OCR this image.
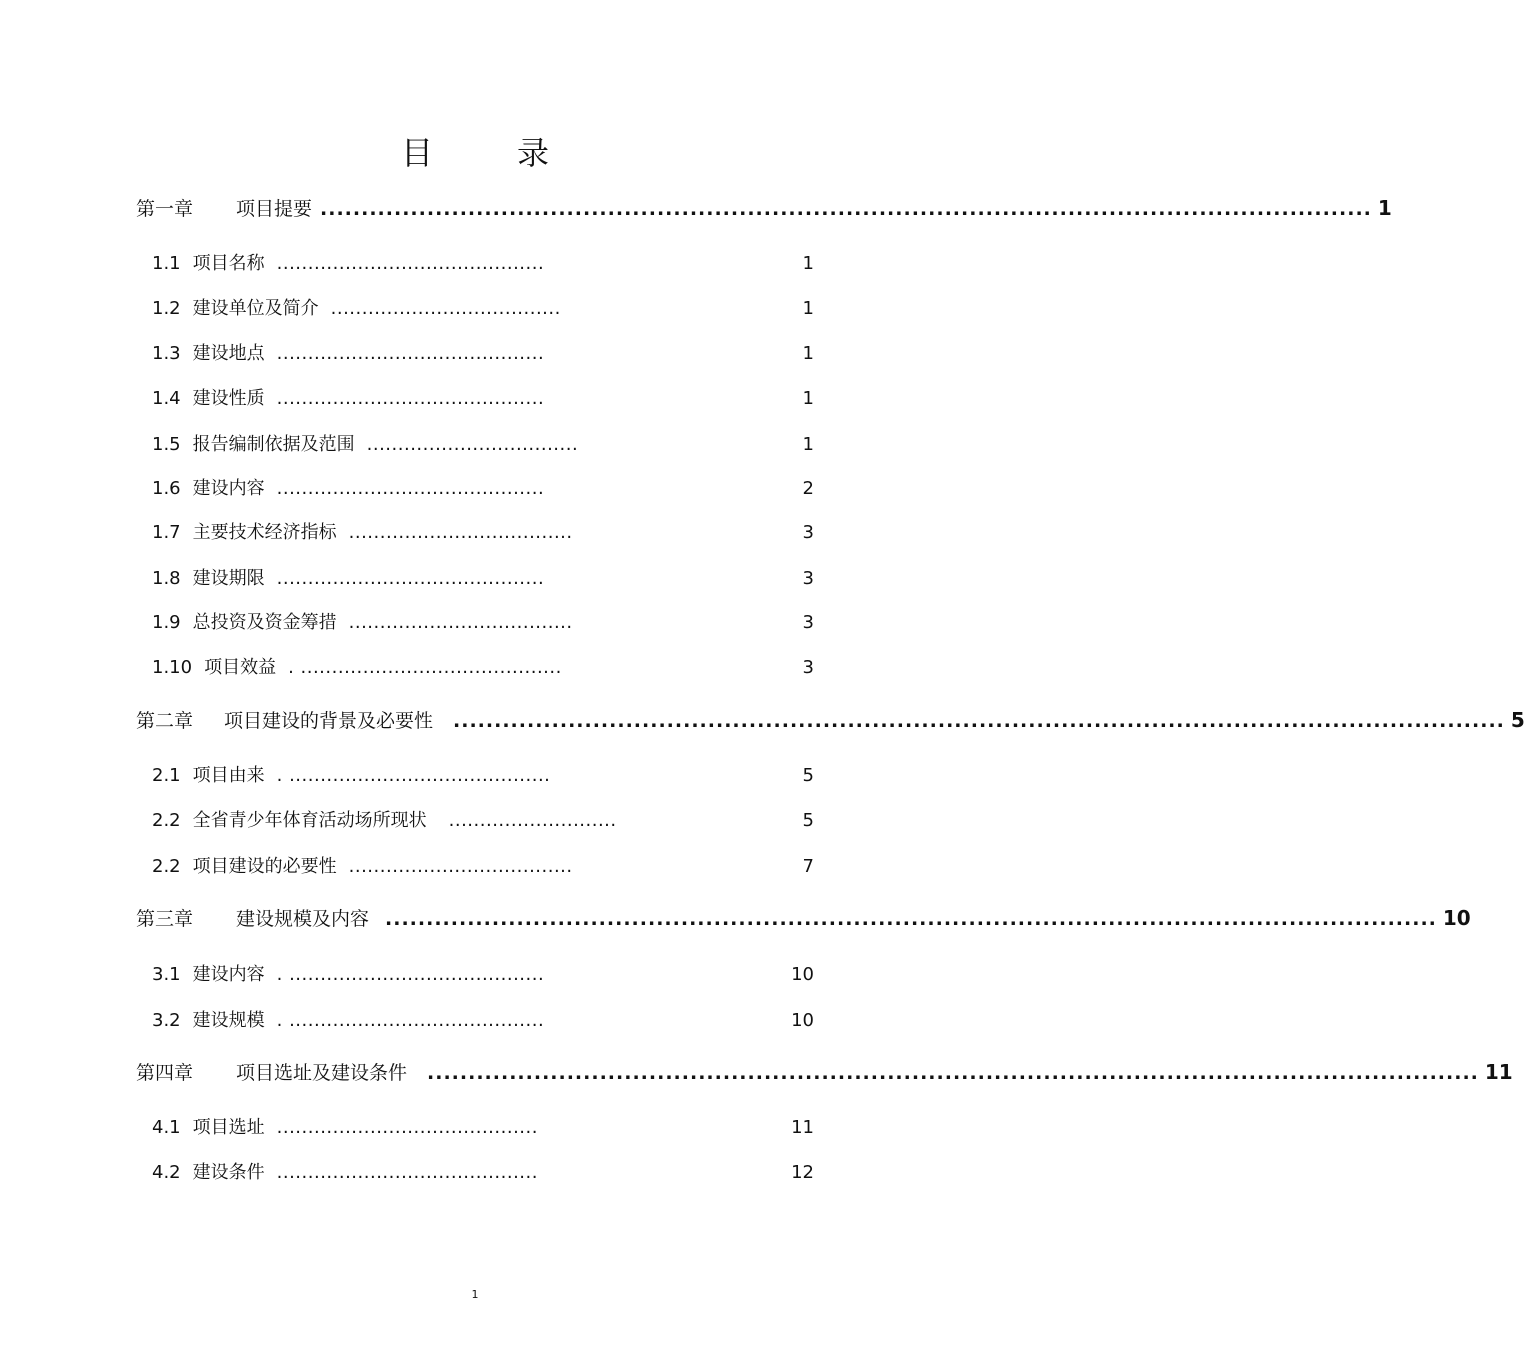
目	录
第一章	项目提要 ................................................................................................................................ 1
1.1 项目名称 ...........................................	1
1.2 建设单位及简介 .....................................	1
1.3 建设地点 ...........................................	1
1.4 建设性质 ...........................................	1
1.5 报告编制依据及范围 ..................................	1
1.6 建设内容 ...........................................	2
1.7 主要技术经济指标 ....................................	3
1.8 建设期限 ...........................................	3
1.9 总投资及资金筹措 ....................................	3
1.10 项目效益 . ..........................................	3
第二章	项目建设的背景及必要性 ................................................................................................................................ 5
2.1 项目由来 . ..........................................	5
2.2 全省青少年体育活动场所现状 ...........................	5
2.2 项目建设的必要性 ....................................	7
第三章	建设规模及内容 ................................................................................................................................ 10
3.1 建设内容 . .........................................	10
3.2 建设规模 . .........................................	10
第四章	项目选址及建设条件 ................................................................................................................................ 11
4.1 项目选址 ..........................................	11
4.2 建设条件 ..........................................	12
1
